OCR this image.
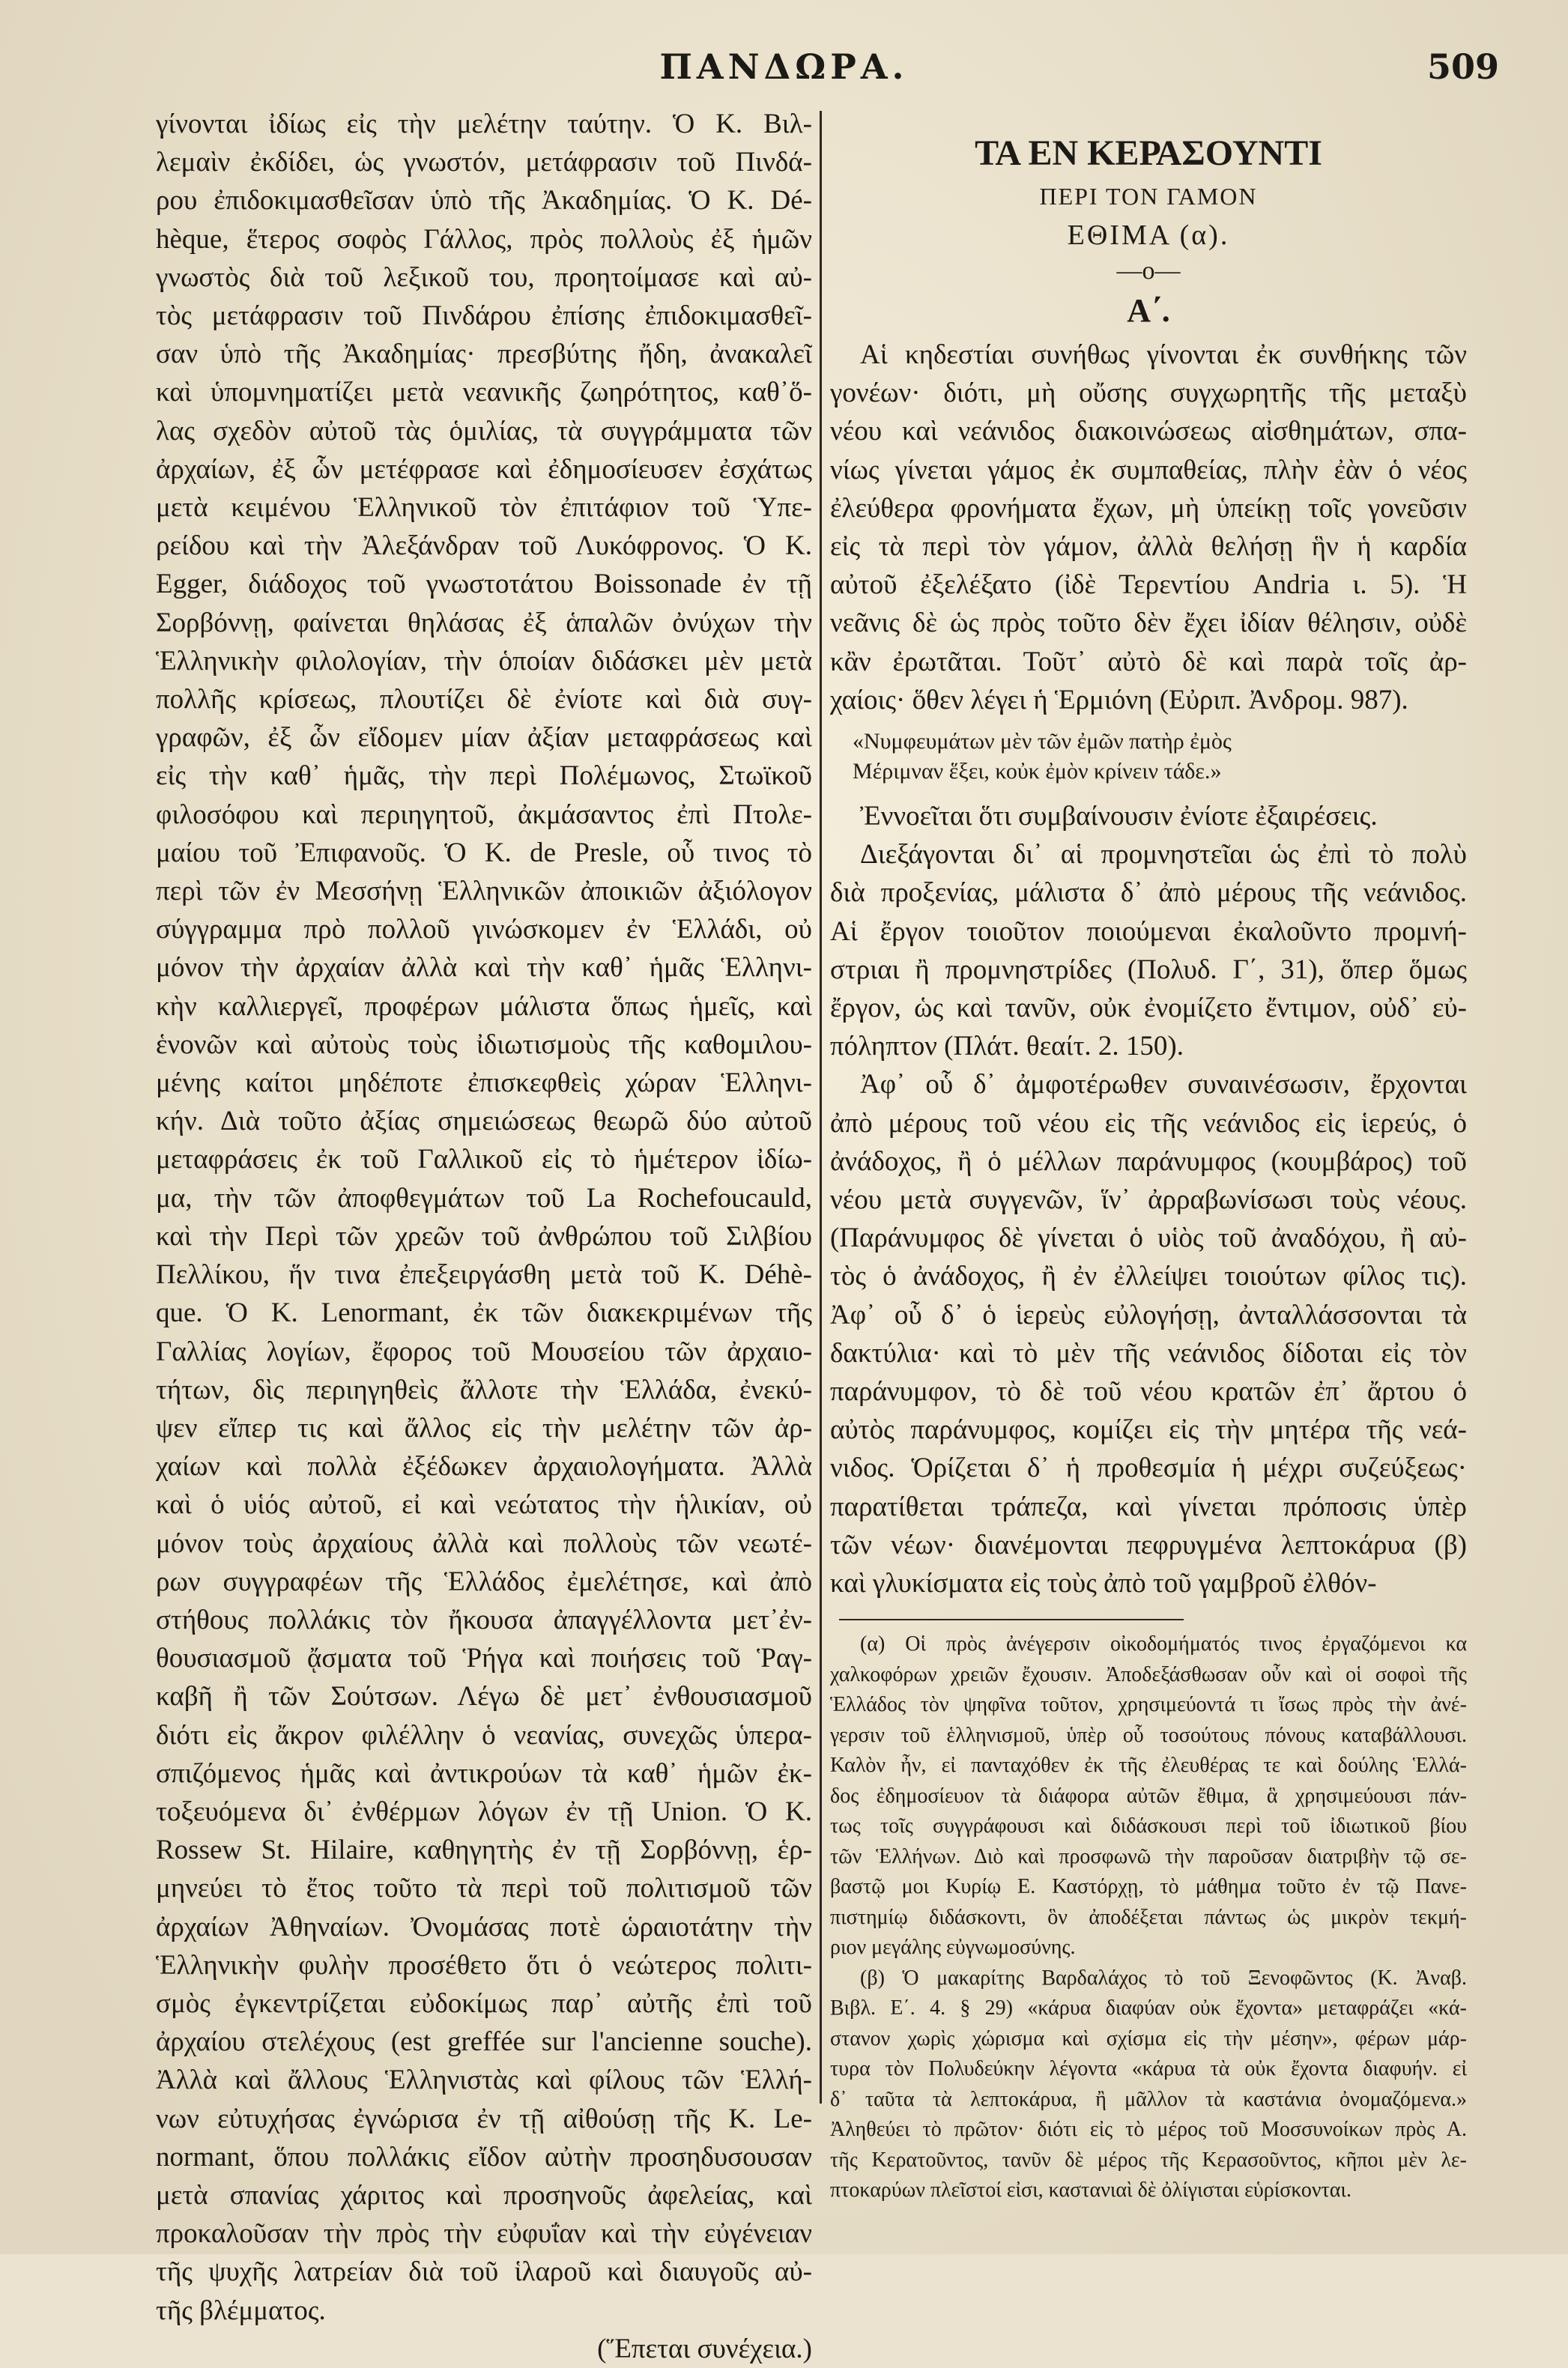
ΠΑΝΔΩΡΑ.	509
γίνονται ἰδίως εἰς τὴν μελέτην ταύτην. Ὁ Κ. Βιλ-
λεμαὶν ἐκδίδει, ὡς γνωστόν, μετάφρασιν τοῦ Πινδά-
ρου ἐπιδοκιμασθεῖσαν ὑπὸ τῆς Ἀκαδημίας. Ὁ Κ. Dé-
hèque, ἕτερος σοφὸς Γάλλος, πρὸς πολλοὺς ἐξ ἡμῶν
γνωστὸς διὰ τοῦ λεξικοῦ του, προητοίμασε καὶ αὐ-
τὸς μετάφρασιν τοῦ Πινδάρου ἐπίσης ἐπιδοκιμασθεῖ-
σαν ὑπὸ τῆς Ἀκαδημίας· πρεσβύτης ἤδη, ἀνακαλεῖ
καὶ ὑπομνηματίζει μετὰ νεανικῆς ζωηρότητος, καθ᾿ὅ-
λας σχεδὸν αὐτοῦ τὰς ὁμιλίας, τὰ συγγράμματα τῶν
ἀρχαίων, ἐξ ὧν μετέφρασε καὶ ἐδημοσίευσεν ἐσχάτως
μετὰ κειμένου Ἑλληνικοῦ τὸν ἐπιτάφιον τοῦ Ὑπε-
ρείδου καὶ τὴν Ἀλεξάνδραν τοῦ Λυκόφρονος. Ὁ Κ.
Egger, διάδοχος τοῦ γνωστοτάτου Boissonade ἐν τῇ
Σορβόννῃ, φαίνεται θηλάσας ἐξ ἁπαλῶν ὀνύχων τὴν
Ἑλληνικὴν φιλολογίαν, τὴν ὁποίαν διδάσκει μὲν μετὰ
πολλῆς κρίσεως, πλουτίζει δὲ ἐνίοτε καὶ διὰ συγ-
γραφῶν, ἐξ ὧν εἴδομεν μίαν ἀξίαν μεταφράσεως καὶ
εἰς τὴν καθ᾿ ἡμᾶς, τὴν περὶ Πολέμωνος, Στωϊκοῦ
φιλοσόφου καὶ περιηγητοῦ, ἀκμάσαντος ἐπὶ Πτολε-
μαίου τοῦ Ἐπιφανοῦς. Ὁ Κ. de Presle, οὗ τινος τὸ
περὶ τῶν ἐν Μεσσήνῃ Ἑλληνικῶν ἀποικιῶν ἀξιόλογον
σύγγραμμα πρὸ πολλοῦ γινώσκομεν ἐν Ἑλλάδι, οὐ
μόνον τὴν ἀρχαίαν ἀλλὰ καὶ τὴν καθ᾿ ἡμᾶς Ἑλληνι-
κὴν καλλιεργεῖ, προφέρων μάλιστα ὅπως ἡμεῖς, καὶ
ἑνονῶν καὶ αὐτοὺς τοὺς ἰδιωτισμοὺς τῆς καθομιλου-
μένης καίτοι μηδέποτε ἐπισκεφθεὶς χώραν Ἑλληνι-
κήν. Διὰ τοῦτο ἀξίας σημειώσεως θεωρῶ δύο αὐτοῦ
μεταφράσεις ἐκ τοῦ Γαλλικοῦ εἰς τὸ ἡμέτερον ἰδίω-
μα, τὴν τῶν ἀποφθεγμάτων τοῦ La Rochefoucauld,
καὶ τὴν Περὶ τῶν χρεῶν τοῦ ἀνθρώπου τοῦ Σιλβίου
Πελλίκου, ἥν τινα ἐπεξειργάσθη μετὰ τοῦ Κ. Déhè-
que. Ὁ Κ. Lenormant, ἐκ τῶν διακεκριμένων τῆς
Γαλλίας λογίων, ἔφορος τοῦ Μουσείου τῶν ἀρχαιο-
τήτων, δὶς περιηγηθεὶς ἄλλοτε τὴν Ἑλλάδα, ἐνεκύ-
ψεν εἴπερ τις καὶ ἄλλος εἰς τὴν μελέτην τῶν ἀρ-
χαίων καὶ πολλὰ ἐξέδωκεν ἀρχαιολογήματα. Ἀλλὰ
καὶ ὁ υἱός αὐτοῦ, εἰ καὶ νεώτατος τὴν ἡλικίαν, οὐ
μόνον τοὺς ἀρχαίους ἀλλὰ καὶ πολλοὺς τῶν νεωτέ-
ρων συγγραφέων τῆς Ἑλλάδος ἐμελέτησε, καὶ ἀπὸ
στήθους πολλάκις τὸν ἤκουσα ἀπαγγέλλοντα μετ᾿ἐν-
θουσιασμοῦ ᾄσματα τοῦ Ῥήγα καὶ ποιήσεις τοῦ Ῥαγ-
καβῆ ἢ τῶν Σούτσων. Λέγω δὲ μετ᾿ ἐνθουσιασμοῦ
διότι εἰς ἄκρον φιλέλλην ὁ νεανίας, συνεχῶς ὑπερα-
σπιζόμενος ἡμᾶς καὶ ἀντικρούων τὰ καθ᾿ ἡμῶν ἐκ-
τοξευόμενα δι᾿ ἐνθέρμων λόγων ἐν τῇ Union. Ὁ Κ.
Rossew St. Hilaire, καθηγητὴς ἐν τῇ Σορβόννῃ, ἑρ-
μηνεύει τὸ ἔτος τοῦτο τὰ περὶ τοῦ πολιτισμοῦ τῶν
ἀρχαίων Ἀθηναίων. Ὀνομάσας ποτὲ ὡραιοτάτην τὴν
Ἑλληνικὴν φυλὴν προσέθετο ὅτι ὁ νεώτερος πολιτι-
σμὸς ἐγκεντρίζεται εὐδοκίμως παρ᾿ αὐτῆς ἐπὶ τοῦ
ἀρχαίου στελέχους (est greffée sur l'ancienne souche).
Ἀλλὰ καὶ ἄλλους Ἑλληνιστὰς καὶ φίλους τῶν Ἑλλή-
νων εὐτυχήσας ἐγνώρισα ἐν τῇ αἰθούσῃ τῆς Κ. Le-
normant, ὅπου πολλάκις εἴδον αὐτὴν προσηδυσουσαν
μετὰ σπανίας χάριτος καὶ προσηνοῦς ἀφελείας, καὶ
προκαλοῦσαν τὴν πρὸς τὴν εὐφυΐαν καὶ τὴν εὐγένειαν
τῆς ψυχῆς λατρείαν διὰ τοῦ ἱλαροῦ καὶ διαυγοῦς αὐ-
τῆς βλέμματος.
(Ἕπεται συνέχεια.)
ΤΑ ΕΝ ΚΕΡΑΣΟΥΝΤΙ
ΠΕΡΙ ΤΟΝ ΓΑΜΟΝ
ΕΘΙΜΑ (α).
—ο—
Α΄.
Αἱ κηδεστίαι συνήθως γίνονται ἐκ συνθήκης τῶν
γονέων· διότι, μὴ οὔσης συγχωρητῆς τῆς μεταξὺ
νέου καὶ νεάνιδος διακοινώσεως αἰσθημάτων, σπα-
νίως γίνεται γάμος ἐκ συμπαθείας, πλὴν ἐὰν ὁ νέος
ἐλεύθερα φρονήματα ἔχων, μὴ ὑπείκῃ τοῖς γονεῦσιν
εἰς τὰ περὶ τὸν γάμον, ἀλλὰ θελήσῃ ἣν ἡ καρδία
αὐτοῦ ἐξελέξατο (ἰδὲ Τερεντίου Andria ι. 5). Ἡ
νεᾶνις δὲ ὡς πρὸς τοῦτο δὲν ἔχει ἰδίαν θέλησιν, οὐδὲ
κἂν ἐρωτᾶται. Τοῦτ᾿ αὐτὸ δὲ καὶ παρὰ τοῖς ἀρ-
χαίοις· ὅθεν λέγει ἡ Ἑρμιόνη (Εὐριπ. Ἀνδρομ. 987).
«Νυμφευμάτων μὲν τῶν ἐμῶν πατὴρ ἐμὸς
Μέριμναν ἕξει, κοὐκ ἐμὸν κρίνειν τάδε.»
Ἐννοεῖται ὅτι συμβαίνουσιν ἐνίοτε ἐξαιρέσεις.
Διεξάγονται δι᾿ αἱ προμνηστεῖαι ὡς ἐπὶ τὸ πολὺ
διὰ προξενίας, μάλιστα δ᾿ ἀπὸ μέρους τῆς νεάνιδος.
Αἱ ἔργον τοιοῦτον ποιούμεναι ἐκαλοῦντο προμνή-
στριαι ἢ προμνηστρίδες (Πολυδ. Γ΄, 31), ὅπερ ὅμως
ἔργον, ὡς καὶ τανῦν, οὐκ ἐνομίζετο ἔντιμον, οὐδ᾿ εὐ-
πόληπτον (Πλάτ. θεαίτ. 2. 150).
Ἀφ᾿ οὗ δ᾿ ἀμφοτέρωθεν συναινέσωσιν, ἔρχονται
ἀπὸ μέρους τοῦ νέου εἰς τῆς νεάνιδος εἰς ἱερεύς, ὁ
ἀνάδοχος, ἢ ὁ μέλλων παράνυμφος (κουμβάρος) τοῦ
νέου μετὰ συγγενῶν, ἵν᾿ ἀρραβωνίσωσι τοὺς νέους.
(Παράνυμφος δὲ γίνεται ὁ υἱὸς τοῦ ἀναδόχου, ἢ αὐ-
τὸς ὁ ἀνάδοχος, ἢ ἐν ἐλλείψει τοιούτων φίλος τις).
Ἀφ᾿ οὗ δ᾿ ὁ ἱερεὺς εὐλογήσῃ, ἀνταλλάσσονται τὰ
δακτύλια· καὶ τὸ μὲν τῆς νεάνιδος δίδοται εἰς τὸν
παράνυμφον, τὸ δὲ τοῦ νέου κρατῶν ἐπ᾿ ἄρτου ὁ
αὐτὸς παράνυμφος, κομίζει εἰς τὴν μητέρα τῆς νεά-
νιδος. Ὁρίζεται δ᾿ ἡ προθεσμία ἡ μέχρι συζεύξεως·
παρατίθεται τράπεζα, καὶ γίνεται πρόποσις ὑπὲρ
τῶν νέων· διανέμονται πεφρυγμένα λεπτοκάρυα (β)
καὶ γλυκίσματα εἰς τοὺς ἀπὸ τοῦ γαμβροῦ ἐλθόν-
(α) Οἱ πρὸς ἀνέγερσιν οἰκοδομήματός τινος ἐργαζόμενοι κα
χαλκοφόρων χρειῶν ἔχουσιν. Ἀποδεξάσθωσαν οὖν καὶ οἱ σοφοὶ τῆς
Ἑλλάδος τὸν ψηφῖνα τοῦτον, χρησιμεύοντά τι ἴσως πρὸς τὴν ἀνέ-
γερσιν τοῦ ἑλληνισμοῦ, ὑπὲρ οὗ τοσούτους πόνους καταβάλλουσι.
Καλὸν ἦν, εἰ πανταχόθεν ἐκ τῆς ἐλευθέρας τε καὶ δούλης Ἑλλά-
δος ἐδημοσίευον τὰ διάφορα αὐτῶν ἔθιμα, ἃ χρησιμεύουσι πάν-
τως τοῖς συγγράφουσι καὶ διδάσκουσι περὶ τοῦ ἰδιωτικοῦ βίου
τῶν Ἑλλήνων. Διὸ καὶ προσφωνῶ τὴν παροῦσαν διατριβὴν τῷ σε-
βαστῷ μοι Κυρίῳ Ε. Καστόρχῃ, τὸ μάθημα τοῦτο ἐν τῷ Πανε-
πιστημίῳ διδάσκοντι, ὃν ἀποδέξεται πάντως ὡς μικρὸν τεκμή-
ριον μεγάλης εὐγνωμοσύνης.
(β) Ὁ μακαρίτης Βαρδαλάχος τὸ τοῦ Ξενοφῶντος (Κ. Ἀναβ.
Βιβλ. Ε΄. 4. § 29) «κάρυα διαφύαν οὐκ ἔχοντα» μεταφράζει «κά-
στανον χωρὶς χώρισμα καὶ σχίσμα εἰς τὴν μέσην», φέρων μάρ-
τυρα τὸν Πολυδεύκην λέγοντα «κάρυα τὰ οὐκ ἔχοντα διαφυήν. εἰ
δ᾿ ταῦτα τὰ λεπτοκάρυα, ἢ μᾶλλον τὰ καστάνια ὀνομαζόμενα.»
Ἀληθεύει τὸ πρῶτον· διότι εἰς τὸ μέρος τοῦ Μοσσυνοίκων πρὸς Α.
τῆς Κερατοῦντος, τανῦν δὲ μέρος τῆς Κερασοῦντος, κῆποι μὲν λε-
πτοκαρύων πλεῖστοί εἰσι, καστανιαὶ δὲ ὀλίγισται εὑρίσκονται.
